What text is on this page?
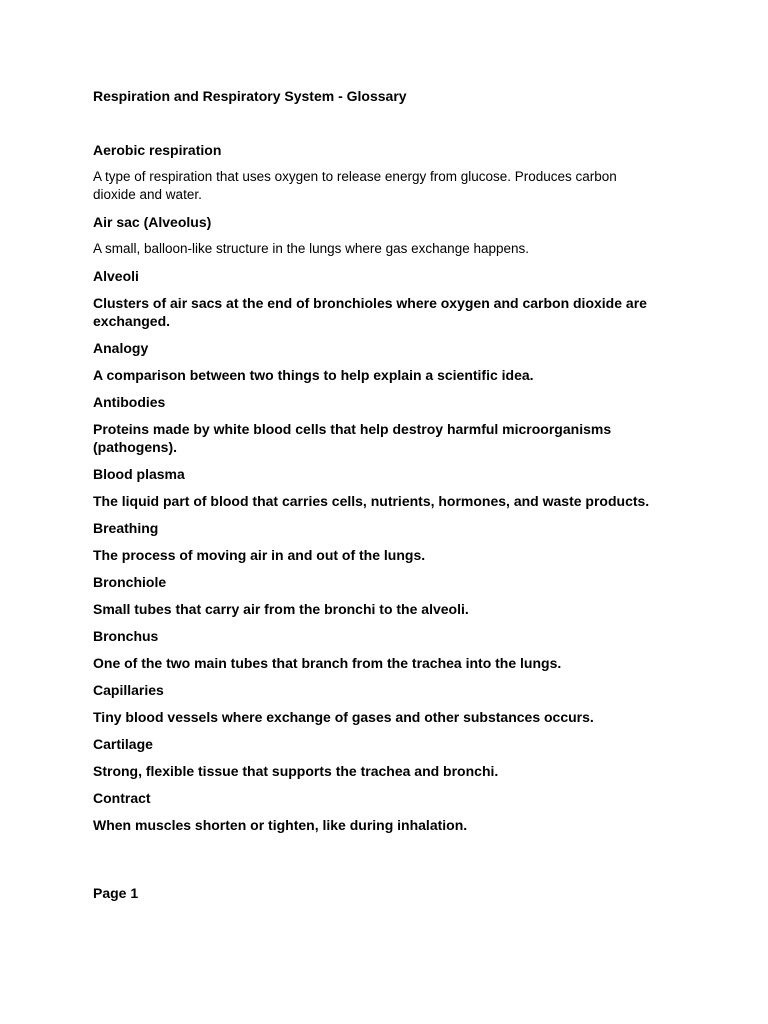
Respiration and Respiratory System - Glossary

Aerobic respiration

A type of respiration that uses oxygen to release energy from glucose. Produces carbon dioxide and water.

Air sac (Alveolus)

A small, balloon-like structure in the lungs where gas exchange happens.

Alveoli

Clusters of air sacs at the end of bronchioles where oxygen and carbon dioxide are exchanged.

Analogy

A comparison between two things to help explain a scientific idea.

Antibodies

Proteins made by white blood cells that help destroy harmful microorganisms (pathogens).

Blood plasma

The liquid part of blood that carries cells, nutrients, hormones, and waste products.

Breathing

The process of moving air in and out of the lungs.

Bronchiole

Small tubes that carry air from the bronchi to the alveoli.

Bronchus

One of the two main tubes that branch from the trachea into the lungs.

Capillaries

Tiny blood vessels where exchange of gases and other substances occurs.

Cartilage

Strong, flexible tissue that supports the trachea and bronchi.

Contract

When muscles shorten or tighten, like during inhalation.

Page 1
